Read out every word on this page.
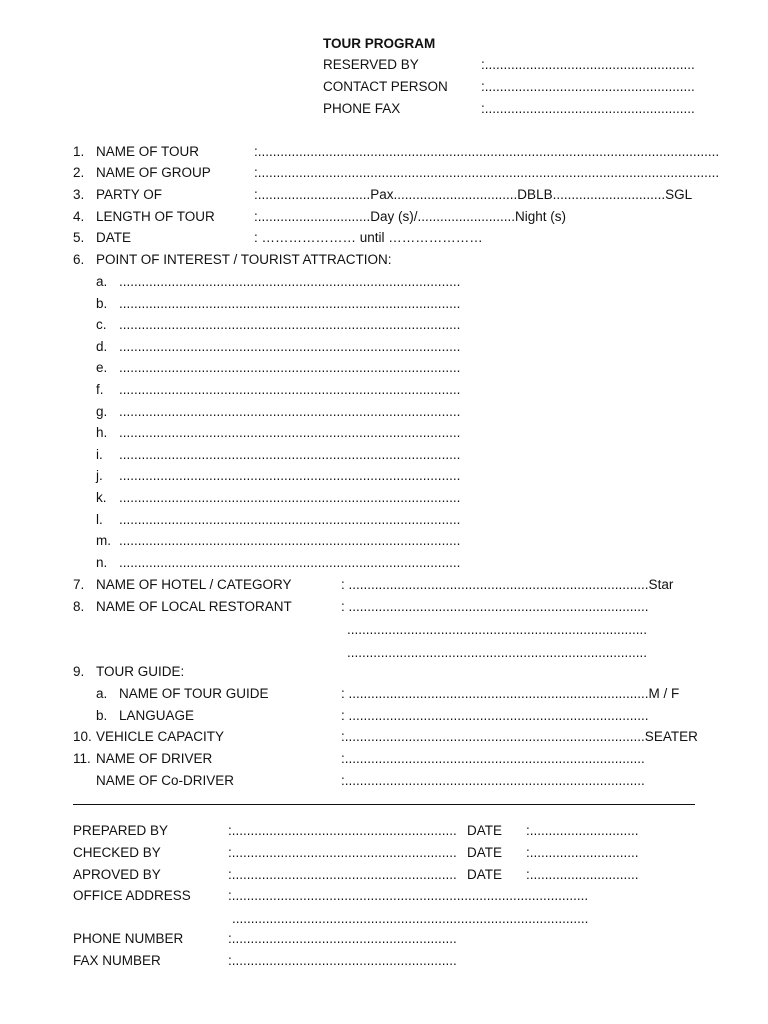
TOUR PROGRAM
RESERVED BY	:........................................................
CONTACT PERSON :........................................................
PHONE FAX	:........................................................
1. NAME OF TOUR	:...........................................................................................................................
2. NAME OF GROUP	:...........................................................................................................................
3. PARTY OF	:..............................Pax.................................DBLB..............................SGL
4. LENGTH OF TOUR	:..............................Day (s)/..........................Night (s)
5. DATE	: ………………… until …………………
6. POINT OF INTEREST / TOURIST ATTRACTION:
a. ...........................................................................................
b. ...........................................................................................
c. ...........................................................................................
d. ...........................................................................................
e. ...........................................................................................
f. ...........................................................................................
g. ...........................................................................................
h. ...........................................................................................
i. ...........................................................................................
j. ...........................................................................................
k. ...........................................................................................
l. ...........................................................................................
m. ...........................................................................................
n. ...........................................................................................
7. NAME OF HOTEL / CATEGORY	: ................................................................................Star
8. NAME OF LOCAL RESTORANT	: ................................................................................
................................................................................
................................................................................
9. TOUR GUIDE:
a. NAME OF TOUR GUIDE	: ................................................................................M / F
b. LANGUAGE	: ................................................................................
10. VEHICLE CAPACITY	:................................................................................SEATER
11. NAME OF DRIVER	:................................................................................
NAME OF Co-DRIVER	:................................................................................
PREPARED BY	:............................................................ DATE :.............................
CHECKED BY	:............................................................ DATE :.............................
APROVED BY	:............................................................ DATE :.............................
OFFICE ADDRESS	:...............................................................................................
...............................................................................................
PHONE NUMBER	:............................................................
FAX NUMBER	:............................................................
